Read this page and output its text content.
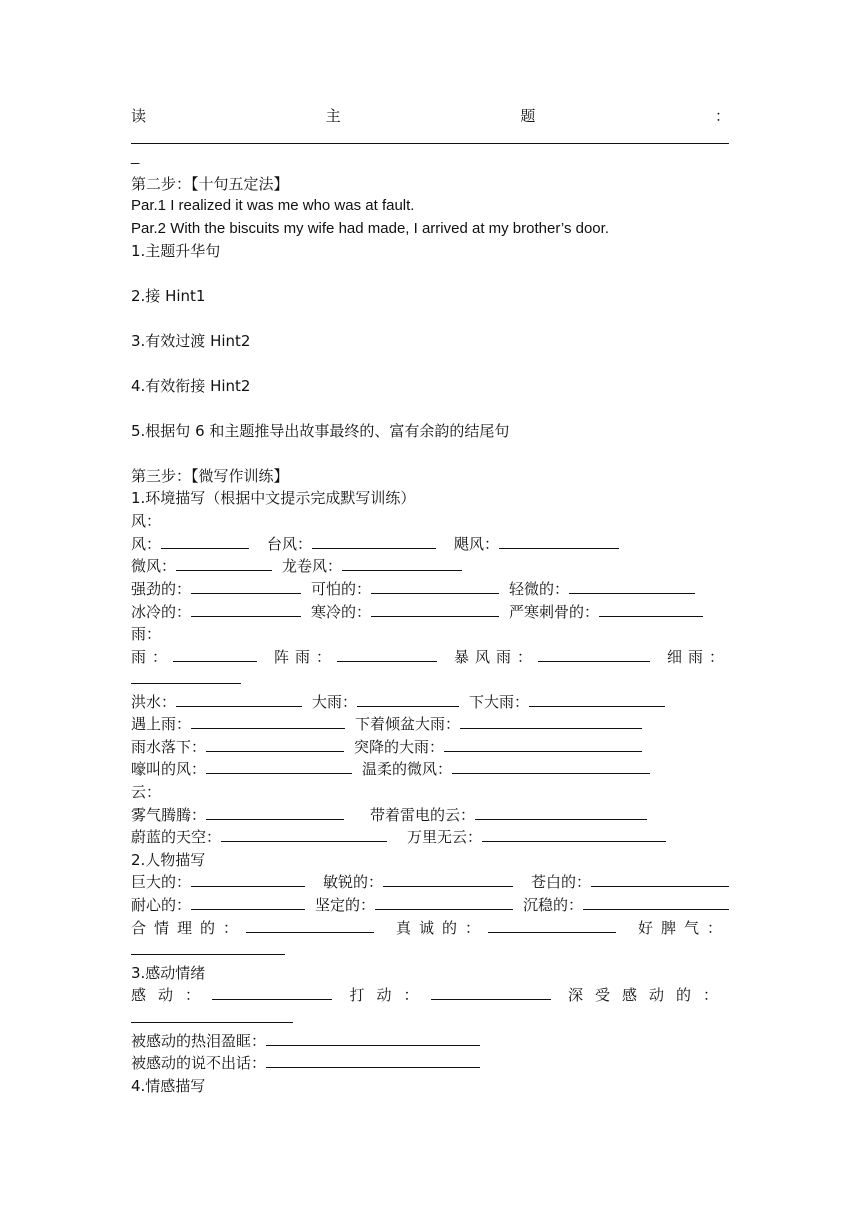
读	主	题	：
_
第二步：【十句五定法】
Par.1 I realized it was me who was at fault.
Par.2 With the biscuits my wife had made, I arrived at my brother’s door.
1.主题升华句
2.接 Hint1
3.有效过渡 Hint2
4.有效衔接 Hint2
5.根据句 6 和主题推导出故事最终的、富有余韵的结尾句
第三步：【微写作训练】
1.环境描写（根据中文提示完成默写训练）
风：
风：	台风：	飓风：
微风：	龙卷风：
强劲的：	可怕的：	轻微的：
冰冷的：	寒冷的：	严寒刺骨的：
雨：
雨：	阵雨：	暴风雨：	细雨：
洪水：	大雨：	下大雨：
遇上雨：	下着倾盆大雨：
雨水落下：	突降的大雨：
嚎叫的风：	温柔的微风：
云：
雾气腾腾：	带着雷电的云：
蔚蓝的天空：	万里无云：
2.人物描写
巨大的：	敏锐的：	苍白的：
耐心的：	坚定的：	沉稳的：
合情理的：	真诚的：	好脾气：
3.感动情绪
感动：	打动：	深受感动的：
被感动的热泪盈眶：
被感动的说不出话：
4.情感描写
